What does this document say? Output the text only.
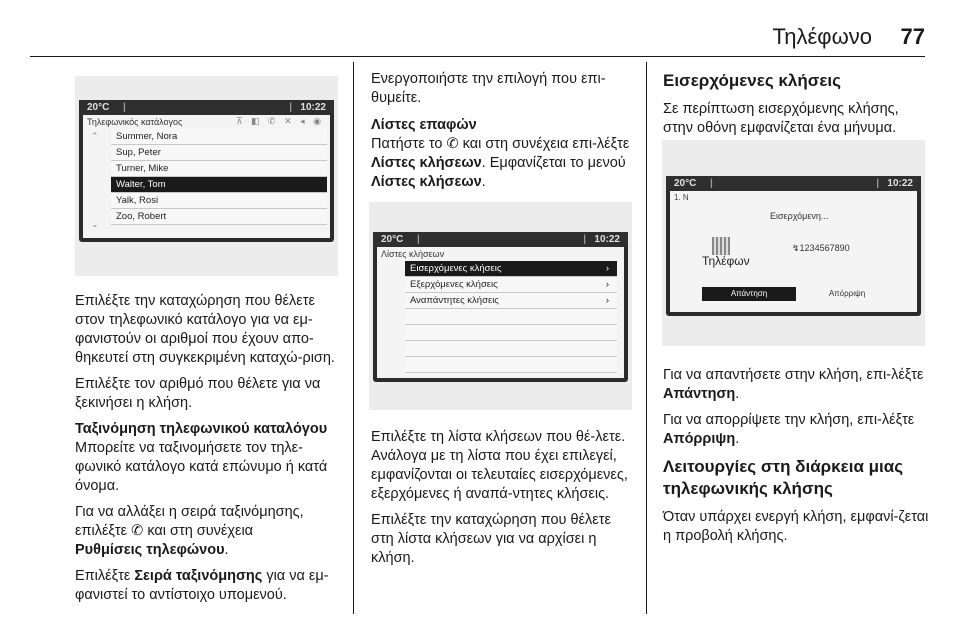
Τηλέφωνο 77
20°C |	| 10:22
Τηλεφωνικός κατάλογος	⊼ ◧ ✆ ✕ ◂ ◉
⌃
⌄
Summer, Nora
Sup, Peter
Turner, Mike
Walter, Tom
Yalk, Rosi
Zoo, Robert

Επιλέξτε την καταχώρηση που θέλετε στον τηλεφωνικό κατάλογο για να εμ-φανιστούν οι αριθμοί που έχουν απο-θηκευτεί στη συγκεκριμένη καταχώ-ριση.

Επιλέξτε τον αριθμό που θέλετε για να ξεκινήσει η κλήση.

Ταξινόμηση τηλεφωνικού καταλόγου

Μπορείτε να ταξινομήσετε τον τηλε-φωνικό κατάλογο κατά επώνυμο ή κατά όνομα.

Για να αλλάξει η σειρά ταξινόμησης, επιλέξτε ✆ και στη συνέχεια
Ρυθμίσεις τηλεφώνου.

Επιλέξτε Σειρά ταξινόμησης για να εμ-φανιστεί το αντίστοιχο υπομενού.

Ενεργοποιήστε την επιλογή που επι-θυμείτε.

Λίστες επαφών

Πατήστε το ✆ και στη συνέχεια επι-λέξτε Λίστες κλήσεων. Εμφανίζεται το μενού Λίστες κλήσεων.

20°C |	| 10:22
Λίστες κλήσεων
Εισερχόμενες κλήσεις	›
Εξερχόμενες κλήσεις	›
Αναπάντητες κλήσεις	›

Επιλέξτε τη λίστα κλήσεων που θέ-λετε. Ανάλογα με τη λίστα που έχει επιλεγεί, εμφανίζονται οι τελευταίες εισερχόμενες, εξερχόμενες ή αναπά-ντητες κλήσεις.

Επιλέξτε την καταχώρηση που θέλετε στη λίστα κλήσεων για να αρχίσει η κλήση.

Εισερχόμενες κλήσεις

Σε περίπτωση εισερχόμενης κλήσης, στην οθόνη εμφανίζεται ένα μήνυμα.

20°C |	| 10:22
1. N
Εισερχόμενη...
↯1234567890
Τηλέφων
Απάντηση	Απόρριψη

Για να απαντήσετε στην κλήση, επι-λέξτε Απάντηση.

Για να απορρίψετε την κλήση, επι-λέξτε Απόρριψη.

Λειτουργίες στη διάρκεια μιας τηλεφωνικής κλήσης

Όταν υπάρχει ενεργή κλήση, εμφανί-ζεται η προβολή κλήσης.
